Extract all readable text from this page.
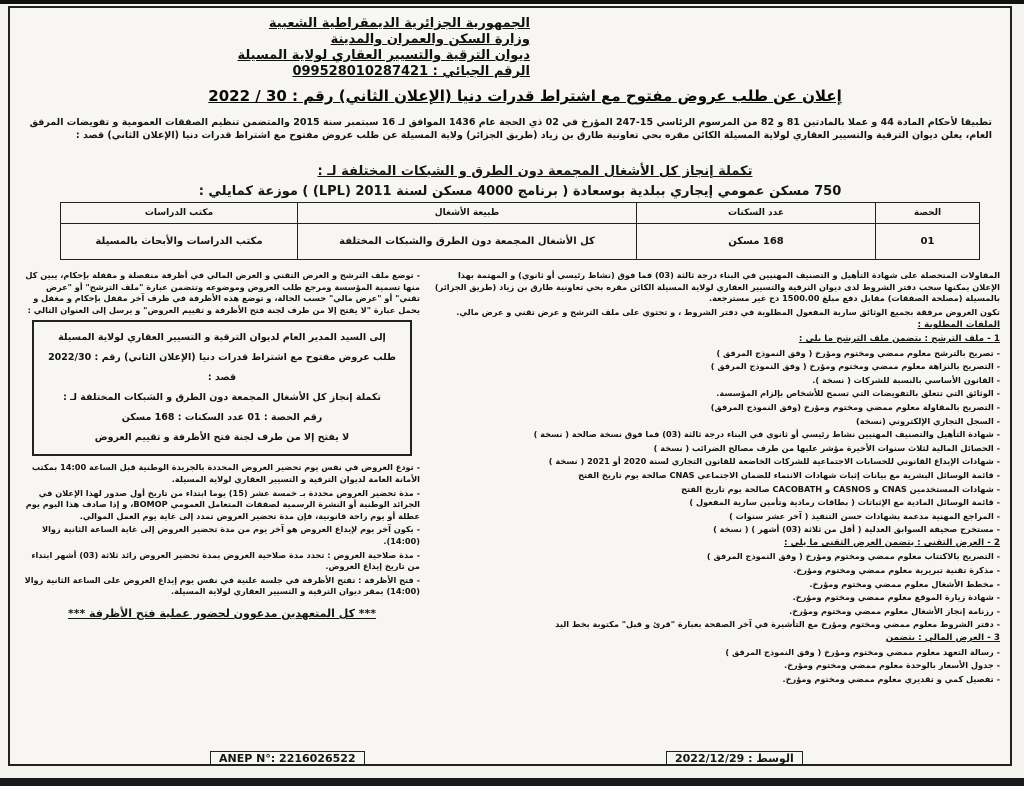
الجمهورية الجزائرية الديمقراطية الشعبية
وزارة السكن والعمران والمدينة
ديوان الترقية والتسيير العقاري لولاية المسيلة
الرقم الجبائي : 099528010287421
إعلان عن طلب عروض مفتوح مع اشتراط قدرات دنيا (الإعلان الثاني) رقم : 30 / 2022
تطبيقا لأحكام المادة 44 و عملا بالمادتين 81 و 82 من المرسوم الرئاسي 15-247 المؤرخ في 02 ذي الحجة عام 1436 الموافق لـ 16 سبتمبر سنة 2015 والمتضمن تنظيم الصفقات العمومية و تفويضات المرفق العام، يعلن ديوان الترقية والتسيير العقاري لولاية المسيلة الكائن مقره بحي تعاونية طارق بن زياد (طريق الجزائر) ولاية المسيلة عن طلب عروض مفتوح مع اشتراط قدرات دنيا (الإعلان الثاني) قصد :
تكملة إنجاز كل الأشغال المجمعة دون الطرق و الشبكات المختلفة لـ :
750 مسكن عمومي إيجاري ببلدية بوسعادة ( برنامج 4000 مسكن لسنة 2011 (LPL) ) موزعة كمايلي :
الحصة	عدد السكنات	طبيعة الأشغال	مكتب الدراسات
01	168 مسكن	كل الأشغال المجمعة دون الطرق والشبكات المختلفة	مكتب الدراسات والأبحاث بالمسيلة

المقاولات المتحصلة على شهادة التأهيل و التصنيف المهنيين في البناء درجة ثالثة (03) فما فوق (نشاط رئيسي أو ثانوي) و المهتمة بهذا الإعلان يمكنها سحب دفتر الشروط لدى ديوان الترقية والتسيير العقاري لولاية المسيلة الكائن مقره بحي تعاونية طارق بن زياد (طريق الجزائر) بالمسيلة (مصلحة الصفقات) مقابل دفع مبلغ 1500.00 دج غير مسترجعة.

تكون العروض مرفقة بجميع الوثائق سارية المفعول المطلوبة في دفتر الشروط ، و تحتوي على ملف الترشح و عرض تقني و عرض مالي.

الملفات المطلوبة :

1 - ملف الترشح : يتضمن ملف الترشح ما يلي :

- تصريح بالترشح معلوم ممضي ومختوم ومؤرخ ( وفق النموذج المرفق )

- التصريح بالنزاهة معلوم ممضي ومختوم ومؤرخ ( وفق النموذج المرفق )

- القانون الأساسي بالنسبة للشركات ( نسخة ).

- الوثائق التي تتعلق بالتفويضات التي تسمح للأشخاص بإلزام المؤسسة.

- التصريح بالمقاولة معلوم ممضي ومختوم ومؤرخ (وفق النموذج المرفق)

- السجل التجاري الإلكتروني (نسخة)

- شهادة التأهيل والتصنيف المهنيين نشاط رئيسي أو ثانوي في البناء درجة ثالثة (03) فما فوق نسخة صالحة ( نسخة )

- الحصائل المالية لثلاث سنوات الأخيرة مؤشر عليها من طرف مصالح الضرائب ( نسخة )

- شهادات الإيداع القانوني للحسابات الاجتماعية للشركات الخاضعة للقانون التجاري لسنة 2020 أو 2021 ( نسخة )

- قائمة الوسائل البشرية مع بيانات إثبات شهادات الانتماء للضمان الاجتماعي CNAS صالحة يوم تاريخ الفتح

- شهادات المستخدمين CNAS و CASNOS و CACOBATH صالحة يوم تاريخ الفتح

- قائمة الوسائل المادية مع الإثباتات ( بطاقات رمادية وتأمين سارية المفعول )

- المراجع المهنية مدعمة بشهادات حسن التنفيذ ( آخر عشر سنوات )

- مستخرج صحيفة السوابق العدلية ( أقل من ثلاثة (03) أشهر ) ( نسخة )

2 - العرض التقني : يتضمن العرض التقني ما يلي :

- التصريح بالاكتتاب معلوم ممضي ومختوم ومؤرخ ( وفق النموذج المرفق )

- مذكرة تقنية تبريرية معلوم ممضي ومختوم ومؤرخ.

- مخطط الأشغال معلوم ممضي ومختوم ومؤرخ.

- شهادة زيارة الموقع معلوم ممضي ومختوم ومؤرخ.

- رزنامة إنجاز الأشغال معلوم ممضي ومختوم ومؤرخ.

- دفتر الشروط معلوم ممضي ومختوم ومؤرخ مع التأشيرة في آخر الصفحة بعبارة "قرئ و قبل" مكتوبة بخط اليد

3 - العرض المالي : يتضمن

- رسالة التعهد معلوم ممضي ومختوم ومؤرخ ( وفق النموذج المرفق )

- جدول الأسعار بالوحدة معلوم ممضي ومختوم ومؤرخ.

- تفصيل كمي و تقديري معلوم ممضي ومختوم ومؤرخ.

- توضع ملف الترشح و العرض التقني و العرض المالي في أظرفة منفصلة و مقفلة بإحكام، يبين كل منها تسمية المؤسسة ومرجع طلب العروض وموضوعه وتتضمن عبارة "ملف الترشح" أو "عرض تقني" أو "عرض مالي" حسب الحالة، و توضع هذه الأظرفة في ظرف آخر مقفل بإحكام و مغفل و يحمل عبارة "لا يفتح إلا من طرف لجنة فتح الأظرفة و تقييم العروض" و يرسل إلى العنوان التالي :

إلى السيد المدير العام لديوان الترقية و التسيير العقاري لولاية المسيلة
طلب عروض مفتوح مع اشتراط قدرات دنيا (الإعلان الثاني) رقم : 2022/30 قصد :
تكملة إنجاز كل الأشغال المجمعة دون الطرق و الشبكات المختلفة لـ :
رقم الحصة : 01 عدد السكنات : 168 مسكن
لا يفتح إلا من طرف لجنة فتح الأظرفة و تقييم العروض

- تودع العروض في نفس يوم تحضير العروض المحددة بالجريدة الوطنية قبل الساعة 14:00 بمكتب الأمانة العامة لديوان الترقية و التسيير العقاري لولاية المسيلة.

- مدة تحضير العروض محددة بـ خمسة عشر (15) يوما ابتداء من تاريخ أول صدور لهذا الإعلان في الجرائد الوطنية أو النشرة الرسمية لصفقات المتعامل العمومي BOMOP، و إذا صادف هذا اليوم يوم عطلة أو يوم راحة قانونية، فإن مدة تحضير العروض تمدد إلى غاية يوم العمل الموالي.

- يكون آخر يوم لإيداع العروض هو آخر يوم من مدة تحضير العروض إلى غاية الساعة الثانية زوالا (14:00).

- مدة صلاحية العروض : تحدد مدة صلاحية العروض بمدة تحضير العروض زائد ثلاثة (03) أشهر ابتداء من تاريخ إيداع العروض.

- فتح الأظرفة : تفتح الأظرفة في جلسة علنية في نفس يوم إيداع العروض على الساعة الثانية زوالا (14:00) بمقر ديوان الترقية و التسيير العقاري لولاية المسيلة.

*** كل المتعهدين مدعوون لحضور عملية فتح الأظرفة ***
ANEP N°: 2216026522	الوسط : 2022/12/29
